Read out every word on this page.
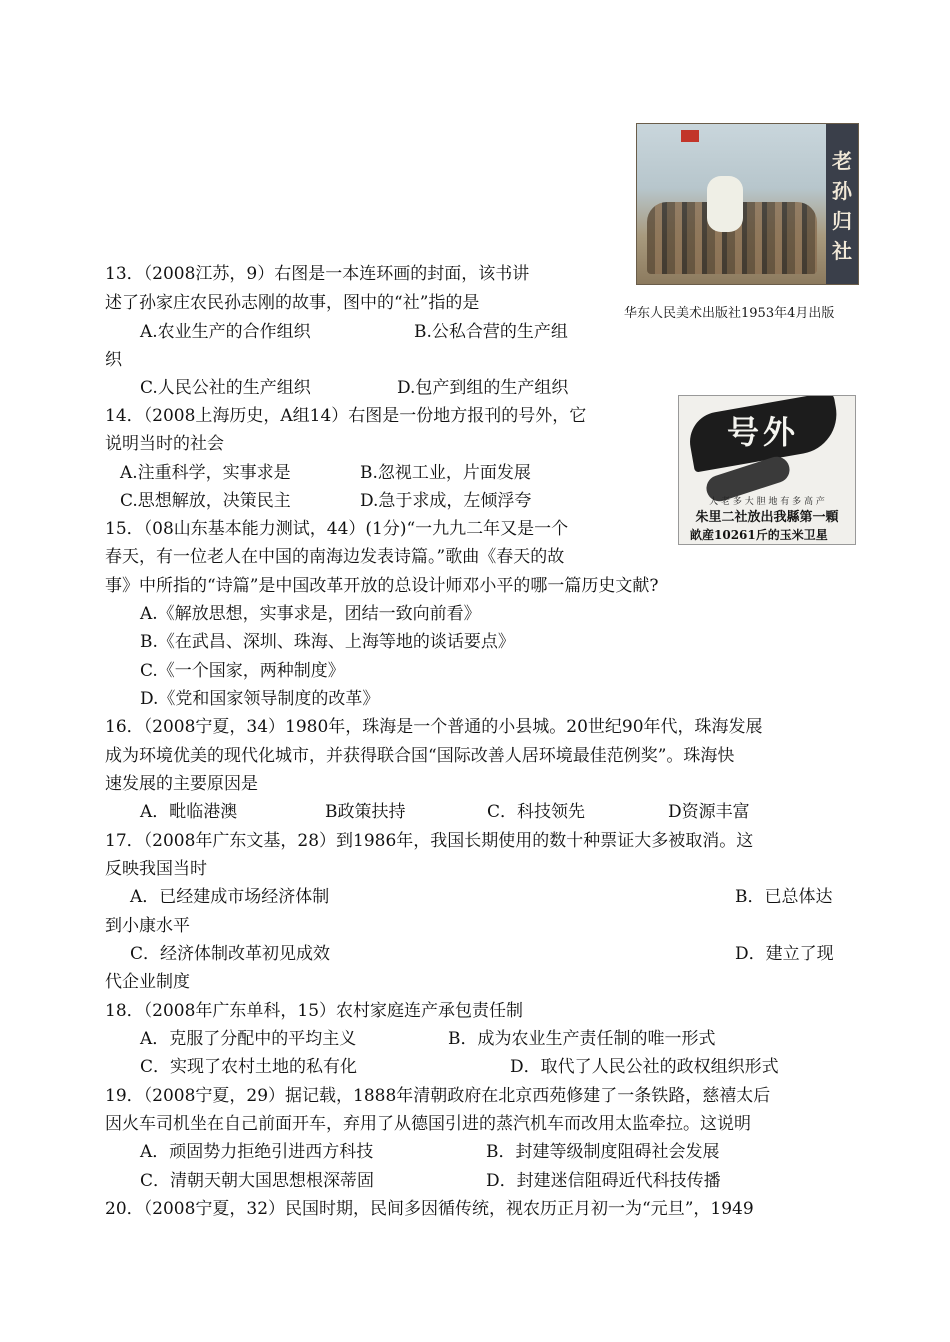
老孙归社
华东人民美术出版社1953年4月出版
号外
人 老 多 大 胆 地 有 多 高 产
朱里二社放出我縣第一顆
畝産10261斤的玉米卫星
13．（2008江苏，9）右图是一本连环画的封面，该书讲
述了孙家庄农民孙志刚的故事，图中的“社”指的是
A.农业生产的合作组织	B.公私合营的生产组
织
C.人民公社的生产组织	D.包产到组的生产组织
14．（2008上海历史，A组14）右图是一份地方报刊的号外，它
说明当时的社会
A.注重科学，实事求是	B.忽视工业，片面发展
C.思想解放，决策民主	D.急于求成，左倾浮夸
15．（08山东基本能力测试，44）(1分)“一九九二年又是一个
春天，有一位老人在中国的南海边发表诗篇。”歌曲《春天的故
事》中所指的“诗篇”是中国改革开放的总设计师邓小平的哪一篇历史文献?
A.《解放思想，实事求是，团结一致向前看》
B.《在武昌、深圳、珠海、上海等地的谈话要点》
C.《一个国家，两种制度》
D.《党和国家领导制度的改革》
16．（2008宁夏，34）1980年，珠海是一个普通的小县城。20世纪90年代，珠海发展
成为环境优美的现代化城市，并获得联合国“国际改善人居环境最佳范例奖”。珠海快
速发展的主要原因是
A．毗临港澳	B政策扶持	C．科技领先	D资源丰富
17．（2008年广东文基，28）到1986年，我国长期使用的数十种票证大多被取消。这
反映我国当时
A．已经建成市场经济体制	B．已总体达
到小康水平
C．经济体制改革初见成效	D．建立了现
代企业制度
18．（2008年广东单科，15）农村家庭连产承包责任制
A．克服了分配中的平均主义	B．成为农业生产责任制的唯一形式
C．实现了农村土地的私有化	D．取代了人民公社的政权组织形式
19．（2008宁夏，29）据记载，1888年清朝政府在北京西苑修建了一条铁路，慈禧太后
因火车司机坐在自己前面开车，弃用了从德国引进的蒸汽机车而改用太监牵拉。这说明
A．顽固势力拒绝引进西方科技	B．封建等级制度阻碍社会发展
C．清朝天朝大国思想根深蒂固	D．封建迷信阻碍近代科技传播
20．（2008宁夏，32）民国时期，民间多因循传统，视农历正月初一为“元旦”，1949
